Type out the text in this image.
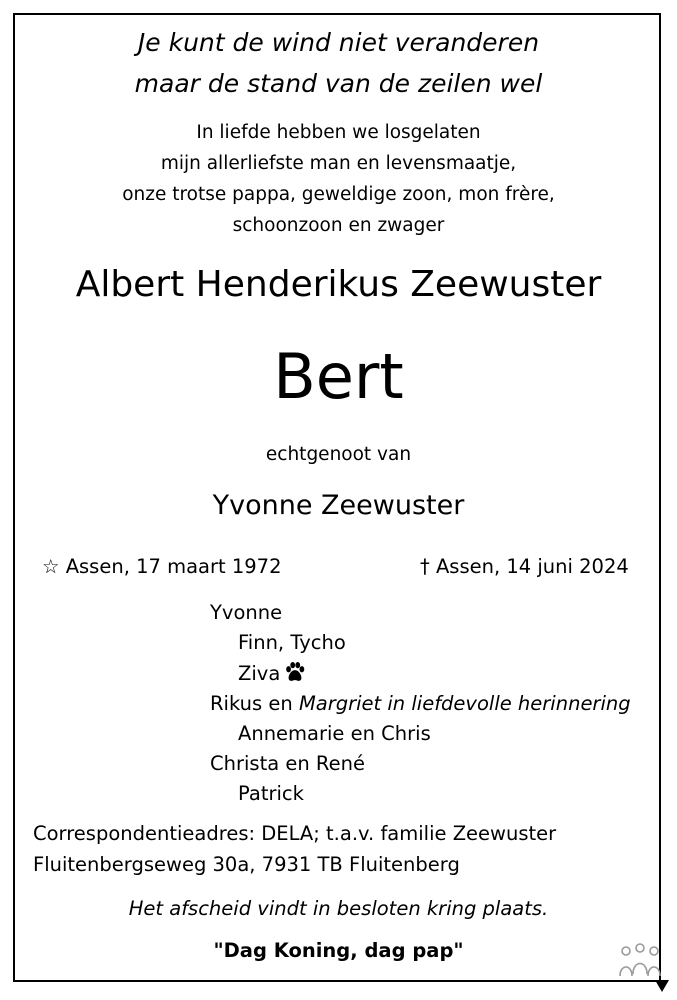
Je kunt de wind niet veranderen
maar de stand van de zeilen wel
In liefde hebben we losgelaten
mijn allerliefste man en levensmaatje,
onze trotse pappa, geweldige zoon, mon frère,
schoonzoon en zwager
Albert Henderikus Zeewuster
Bert
echtgenoot van
Yvonne Zeewuster
☆ Assen, 17 maart 1972	† Assen, 14 juni 2024
Yvonne
Finn, Tycho
Ziva
Rikus en Margriet in liefdevolle herinnering
Annemarie en Chris
Christa en René
Patrick
Correspondentieadres: DELA; t.a.v. familie Zeewuster
Fluitenbergseweg 30a, 7931 TB Fluitenberg
Het afscheid vindt in besloten kring plaats.
"Dag Koning, dag pap"
